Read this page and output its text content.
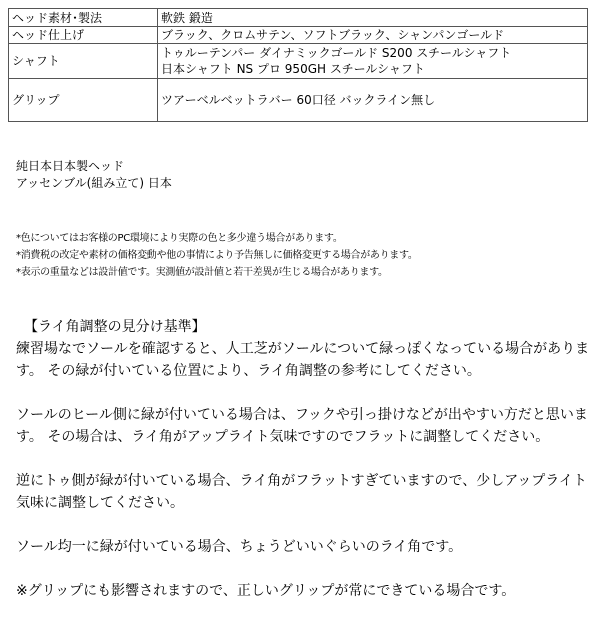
ヘッド素材･製法	軟鉄 鍛造

ヘッド仕上げ	ブラック、クロムサテン、ソフトブラック、シャンパンゴールド

シャフト	トゥルーテンパー ダイナミックゴールド S200 スチールシャフト
日本シャフト NS プロ 950GH スチールシャフト

グリップ	ツアーベルベットラバー 60口径 バックライン無し
純日本日本製ヘッド
アッセンブル(組み立て) 日本
*色についてはお客様のPC環境により実際の色と多少違う場合があります。
*消費税の改定や素材の価格変動や他の事情により予告無しに価格変更する場合があります。
*表示の重量などは設計値です。実測値が設計値と若干差異が生じる場合があります。

【ライ角調整の見分け基準】

練習場なでソールを確認すると、人工芝がソールについて緑っぽくなっている場合があります。 その緑が付いている位置により、ライ角調整の参考にしてください。

ソールのヒール側に緑が付いている場合は、フックや引っ掛けなどが出やすい方だと思います。 その場合は、ライ角がアップライト気味ですのでフラットに調整してください。

逆にトゥ側が緑が付いている場合、ライ角がフラットすぎていますので、少しアップライト気味に調整してください。

ソール均一に緑が付いている場合、ちょうどいいぐらいのライ角です。

※グリップにも影響されますので、正しいグリップが常にできている場合です。
